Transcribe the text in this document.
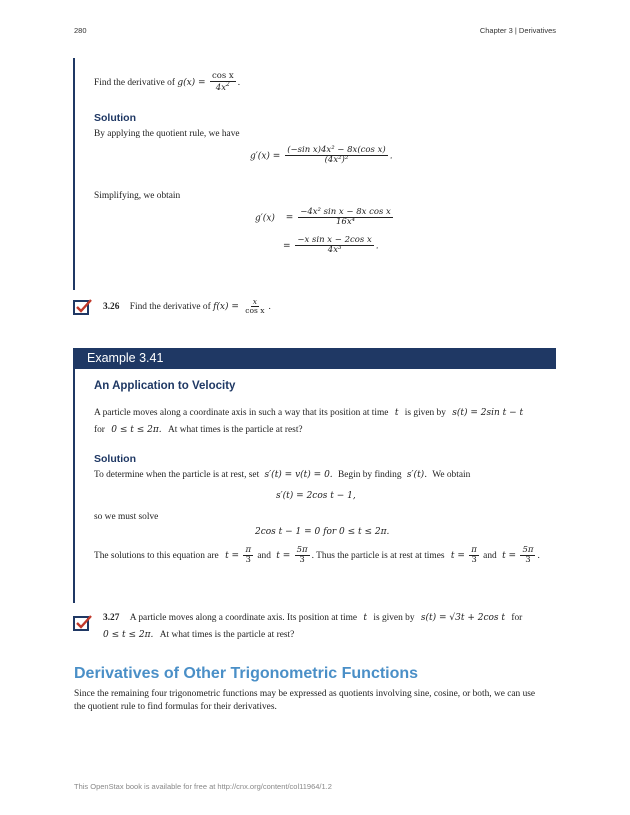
280	Chapter 3 | Derivatives
Find the derivative of $g(x) = \frac{\text{cos x}}{4x^2}$ .
Solution
By applying the quotient rule, we have
$g'(x) = \frac{\text{(−sin x)4x² − 8x(cos x)}}{\text{(4x²)²}}$ .
Simplifying, we obtain
$g'(x) = \frac{\text{−4x² sin x − 8x cos x}}{\text{16x⁴}}$
= $\frac{\text{−x sin x − 2cos x}}{\text{4x³}}$ .
3.26 Find the derivative of $f(x) = \frac{x}{\text{cos x}}$ .
Example 3.41
An Application to Velocity
A particle moves along a coordinate axis in such a way that its position at time t is given by s(t) = 2sin t − t
for 0 ≤ t ≤ 2π. At what times is the particle at rest?
Solution
To determine when the particle is at rest, set s′(t) = v(t) = 0. Begin by finding s′(t). We obtain
s′(t) = 2cos t − 1,
so we must solve
2cos t − 1 = 0 for 0 ≤ t ≤ 2π.
The solutions to this equation are $t = \frac{\pi}{3}$ and $t = \frac{5\pi}{3}$ . Thus the particle is at rest at times $t = \frac{\pi}{3}$ and $t = \frac{5\pi}{3}$ .
3.27 A particle moves along a coordinate axis. Its position at time t is given by s(t) = √3t + 2cos t for
0 ≤ t ≤ 2π. At what times is the particle at rest?
Derivatives of Other Trigonometric Functions
Since the remaining four trigonometric functions may be expressed as quotients involving sine, cosine, or both, we can use
the quotient rule to find formulas for their derivatives.
This OpenStax book is available for free at http://cnx.org/content/col11964/1.2
